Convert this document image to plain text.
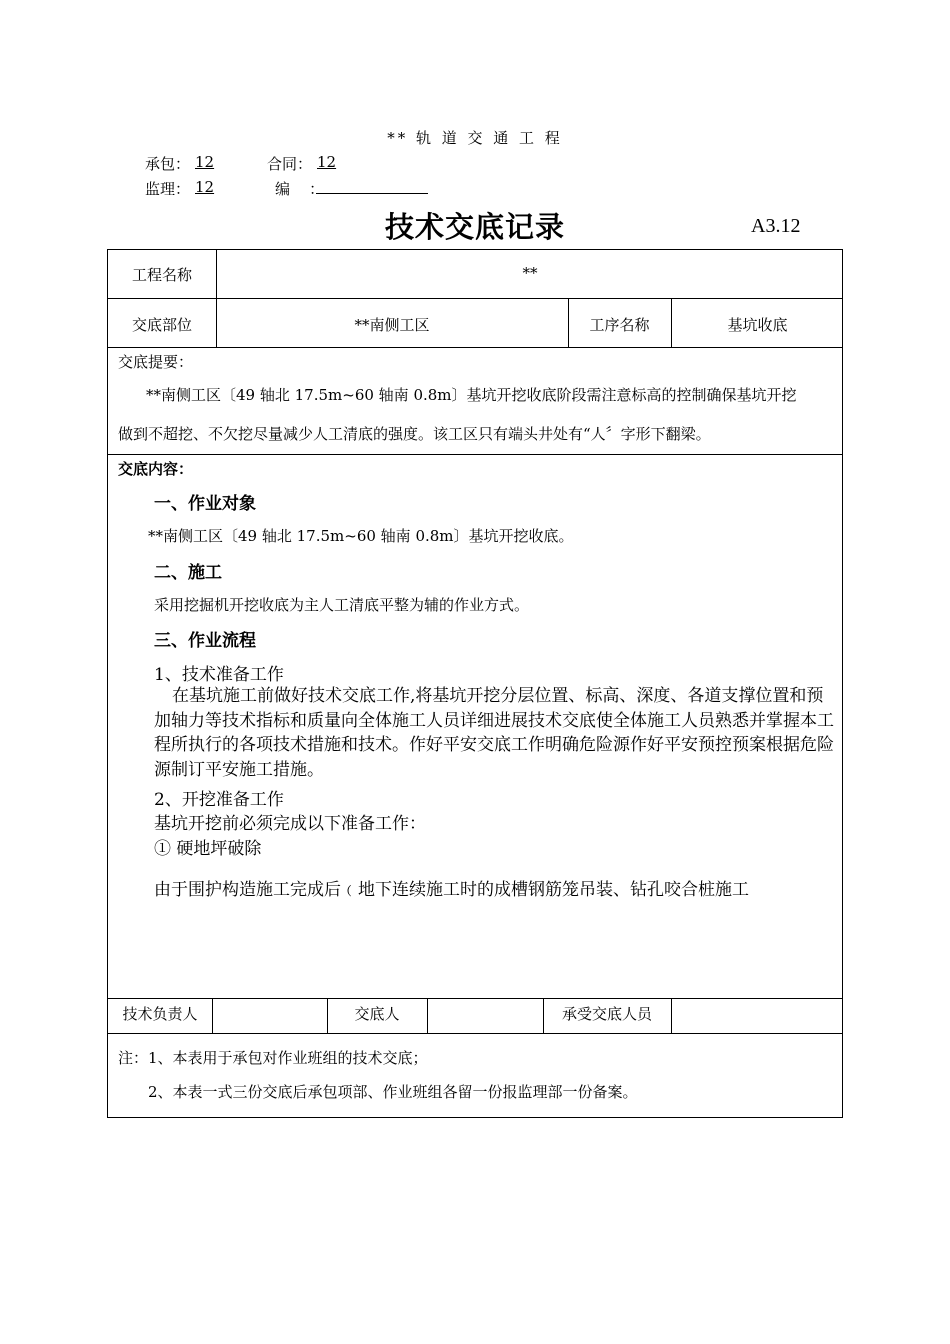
** 轨 道 交 通 工 程
承包： 12	合同： 12
监理： 12	编    ：
技术交底记录	A3.12
工程名称	**
交底部位	**南侧工区	工序名称	基坑收底
交底提要：
**南侧工区〔49 轴北 17.5m~60 轴南 0.8m〕基坑开挖收底阶段需注意标高的控制确保基坑开挖
做到不超挖、不欠挖尽量减少人工清底的强度。该工区只有端头井处有“人〞字形下翻梁。
交底内容：
一、作业对象
**南侧工区〔49 轴北 17.5m~60 轴南 0.8m〕基坑开挖收底。
二、施工
采用挖掘机开挖收底为主人工清底平整为辅的作业方式。
三、作业流程
1、技术准备工作
在基坑施工前做好技术交底工作,将基坑开挖分层位置、标高、深度、各道支撑位置和预加轴力等技术指标和质量向全体施工人员详细进展技术交底使全体施工人员熟悉并掌握本工程所执行的各项技术措施和技术。作好平安交底工作明确危险源作好平安预控预案根据危险源制订平安施工措施。
2、开挖准备工作
基坑开挖前必须完成以下准备工作：
① 硬地坪破除
由于围护构造施工完成后﹙地下连续施工时的成槽钢筋笼吊装、钻孔咬合桩施工
技术负责人	交底人	承受交底人员
注：1、本表用于承包对作业班组的技术交底；
2、本表一式三份交底后承包项部、作业班组各留一份报监理部一份备案。
